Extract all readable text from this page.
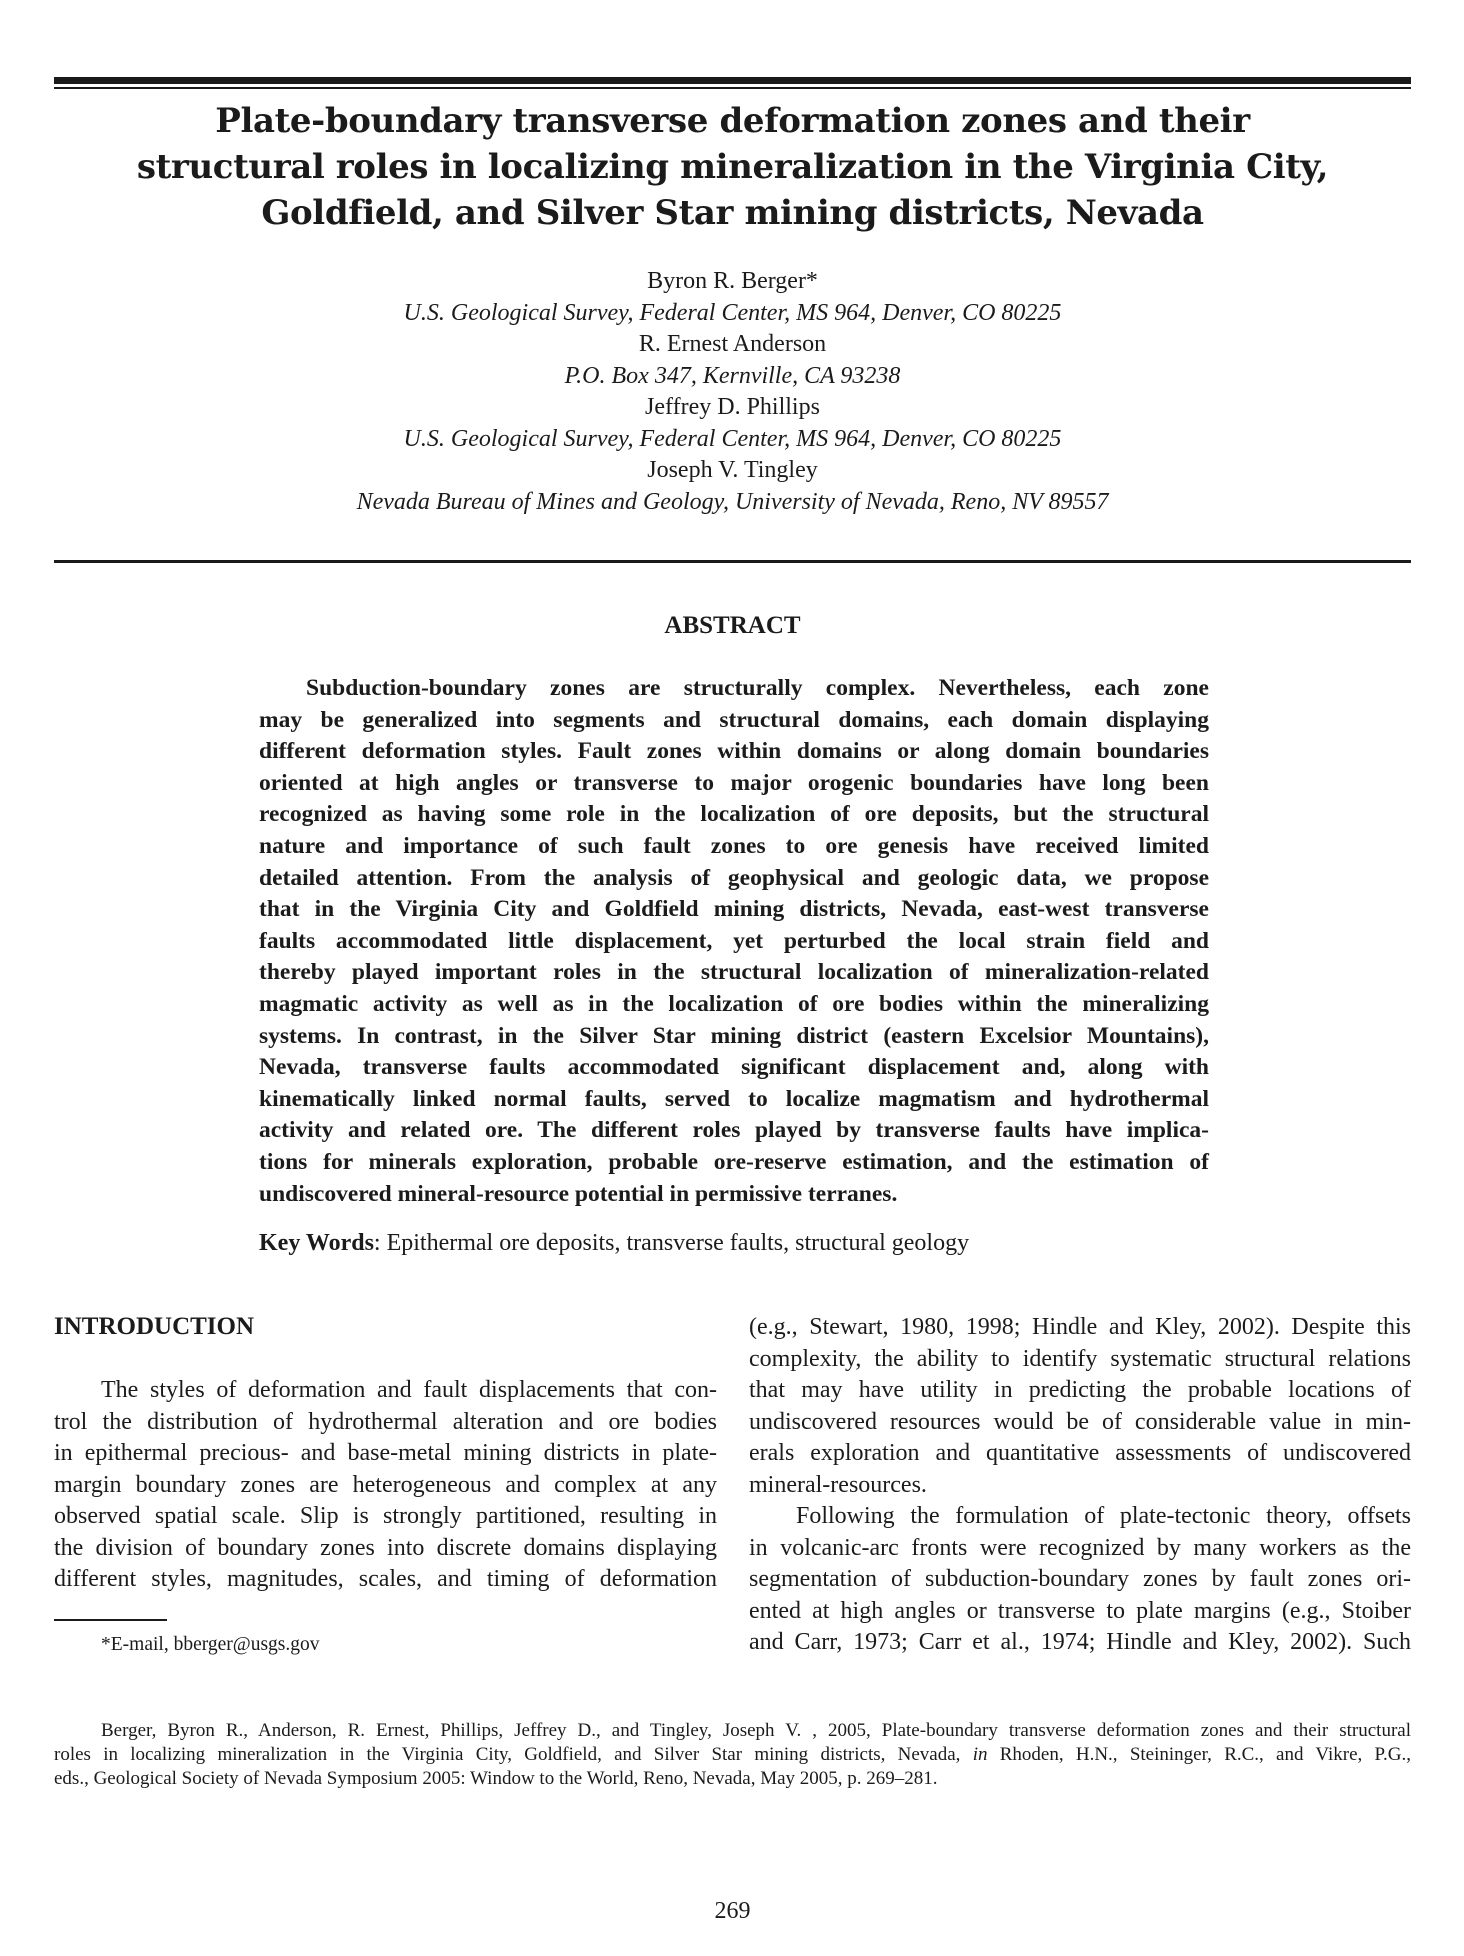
Plate-boundary transverse deformation zones and their
structural roles in localizing mineralization in the Virginia City,
Goldfield, and Silver Star mining districts, Nevada
Byron R. Berger*
U.S. Geological Survey, Federal Center, MS 964, Denver, CO 80225
R. Ernest Anderson
P.O. Box 347, Kernville, CA 93238
Jeffrey D. Phillips
U.S. Geological Survey, Federal Center, MS 964, Denver, CO 80225
Joseph V. Tingley
Nevada Bureau of Mines and Geology, University of Nevada, Reno, NV 89557
ABSTRACT
Subduction-boundary zones are structurally complex. Nevertheless, each zone
may be generalized into segments and structural domains, each domain displaying
different deformation styles. Fault zones within domains or along domain boundaries
oriented at high angles or transverse to major orogenic boundaries have long been
recognized as having some role in the localization of ore deposits, but the structural
nature and importance of such fault zones to ore genesis have received limited
detailed attention. From the analysis of geophysical and geologic data, we propose
that in the Virginia City and Goldfield mining districts, Nevada, east-west transverse
faults accommodated little displacement, yet perturbed the local strain field and
thereby played important roles in the structural localization of mineralization-related
magmatic activity as well as in the localization of ore bodies within the mineralizing
systems. In contrast, in the Silver Star mining district (eastern Excelsior Mountains),
Nevada, transverse faults accommodated significant displacement and, along with
kinematically linked normal faults, served to localize magmatism and hydrothermal
activity and related ore. The different roles played by transverse faults have implica-
tions for minerals exploration, probable ore-reserve estimation, and the estimation of
undiscovered mineral-resource potential in permissive terranes.
Key Words: Epithermal ore deposits, transverse faults, structural geology
INTRODUCTION
The styles of deformation and fault displacements that con-
trol the distribution of hydrothermal alteration and ore bodies
in epithermal precious- and base-metal mining districts in plate-
margin boundary zones are heterogeneous and complex at any
observed spatial scale. Slip is strongly partitioned, resulting in
the division of boundary zones into discrete domains displaying
different styles, magnitudes, scales, and timing of deformation
(e.g., Stewart, 1980, 1998; Hindle and Kley, 2002). Despite this
complexity, the ability to identify systematic structural relations
that may have utility in predicting the probable locations of
undiscovered resources would be of considerable value in min-
erals exploration and quantitative assessments of undiscovered
mineral-resources.
Following the formulation of plate-tectonic theory, offsets
in volcanic-arc fronts were recognized by many workers as the
segmentation of subduction-boundary zones by fault zones ori-
ented at high angles or transverse to plate margins (e.g., Stoiber
and Carr, 1973; Carr et al., 1974; Hindle and Kley, 2002). Such
*E-mail, bberger@usgs.gov
Berger, Byron R., Anderson, R. Ernest, Phillips, Jeffrey D., and Tingley, Joseph V. , 2005, Plate-boundary transverse deformation zones and their structural
roles in localizing mineralization in the Virginia City, Goldfield, and Silver Star mining districts, Nevada, in Rhoden, H.N., Steininger, R.C., and Vikre, P.G.,
eds., Geological Society of Nevada Symposium 2005: Window to the World, Reno, Nevada, May 2005, p. 269–281.
269
